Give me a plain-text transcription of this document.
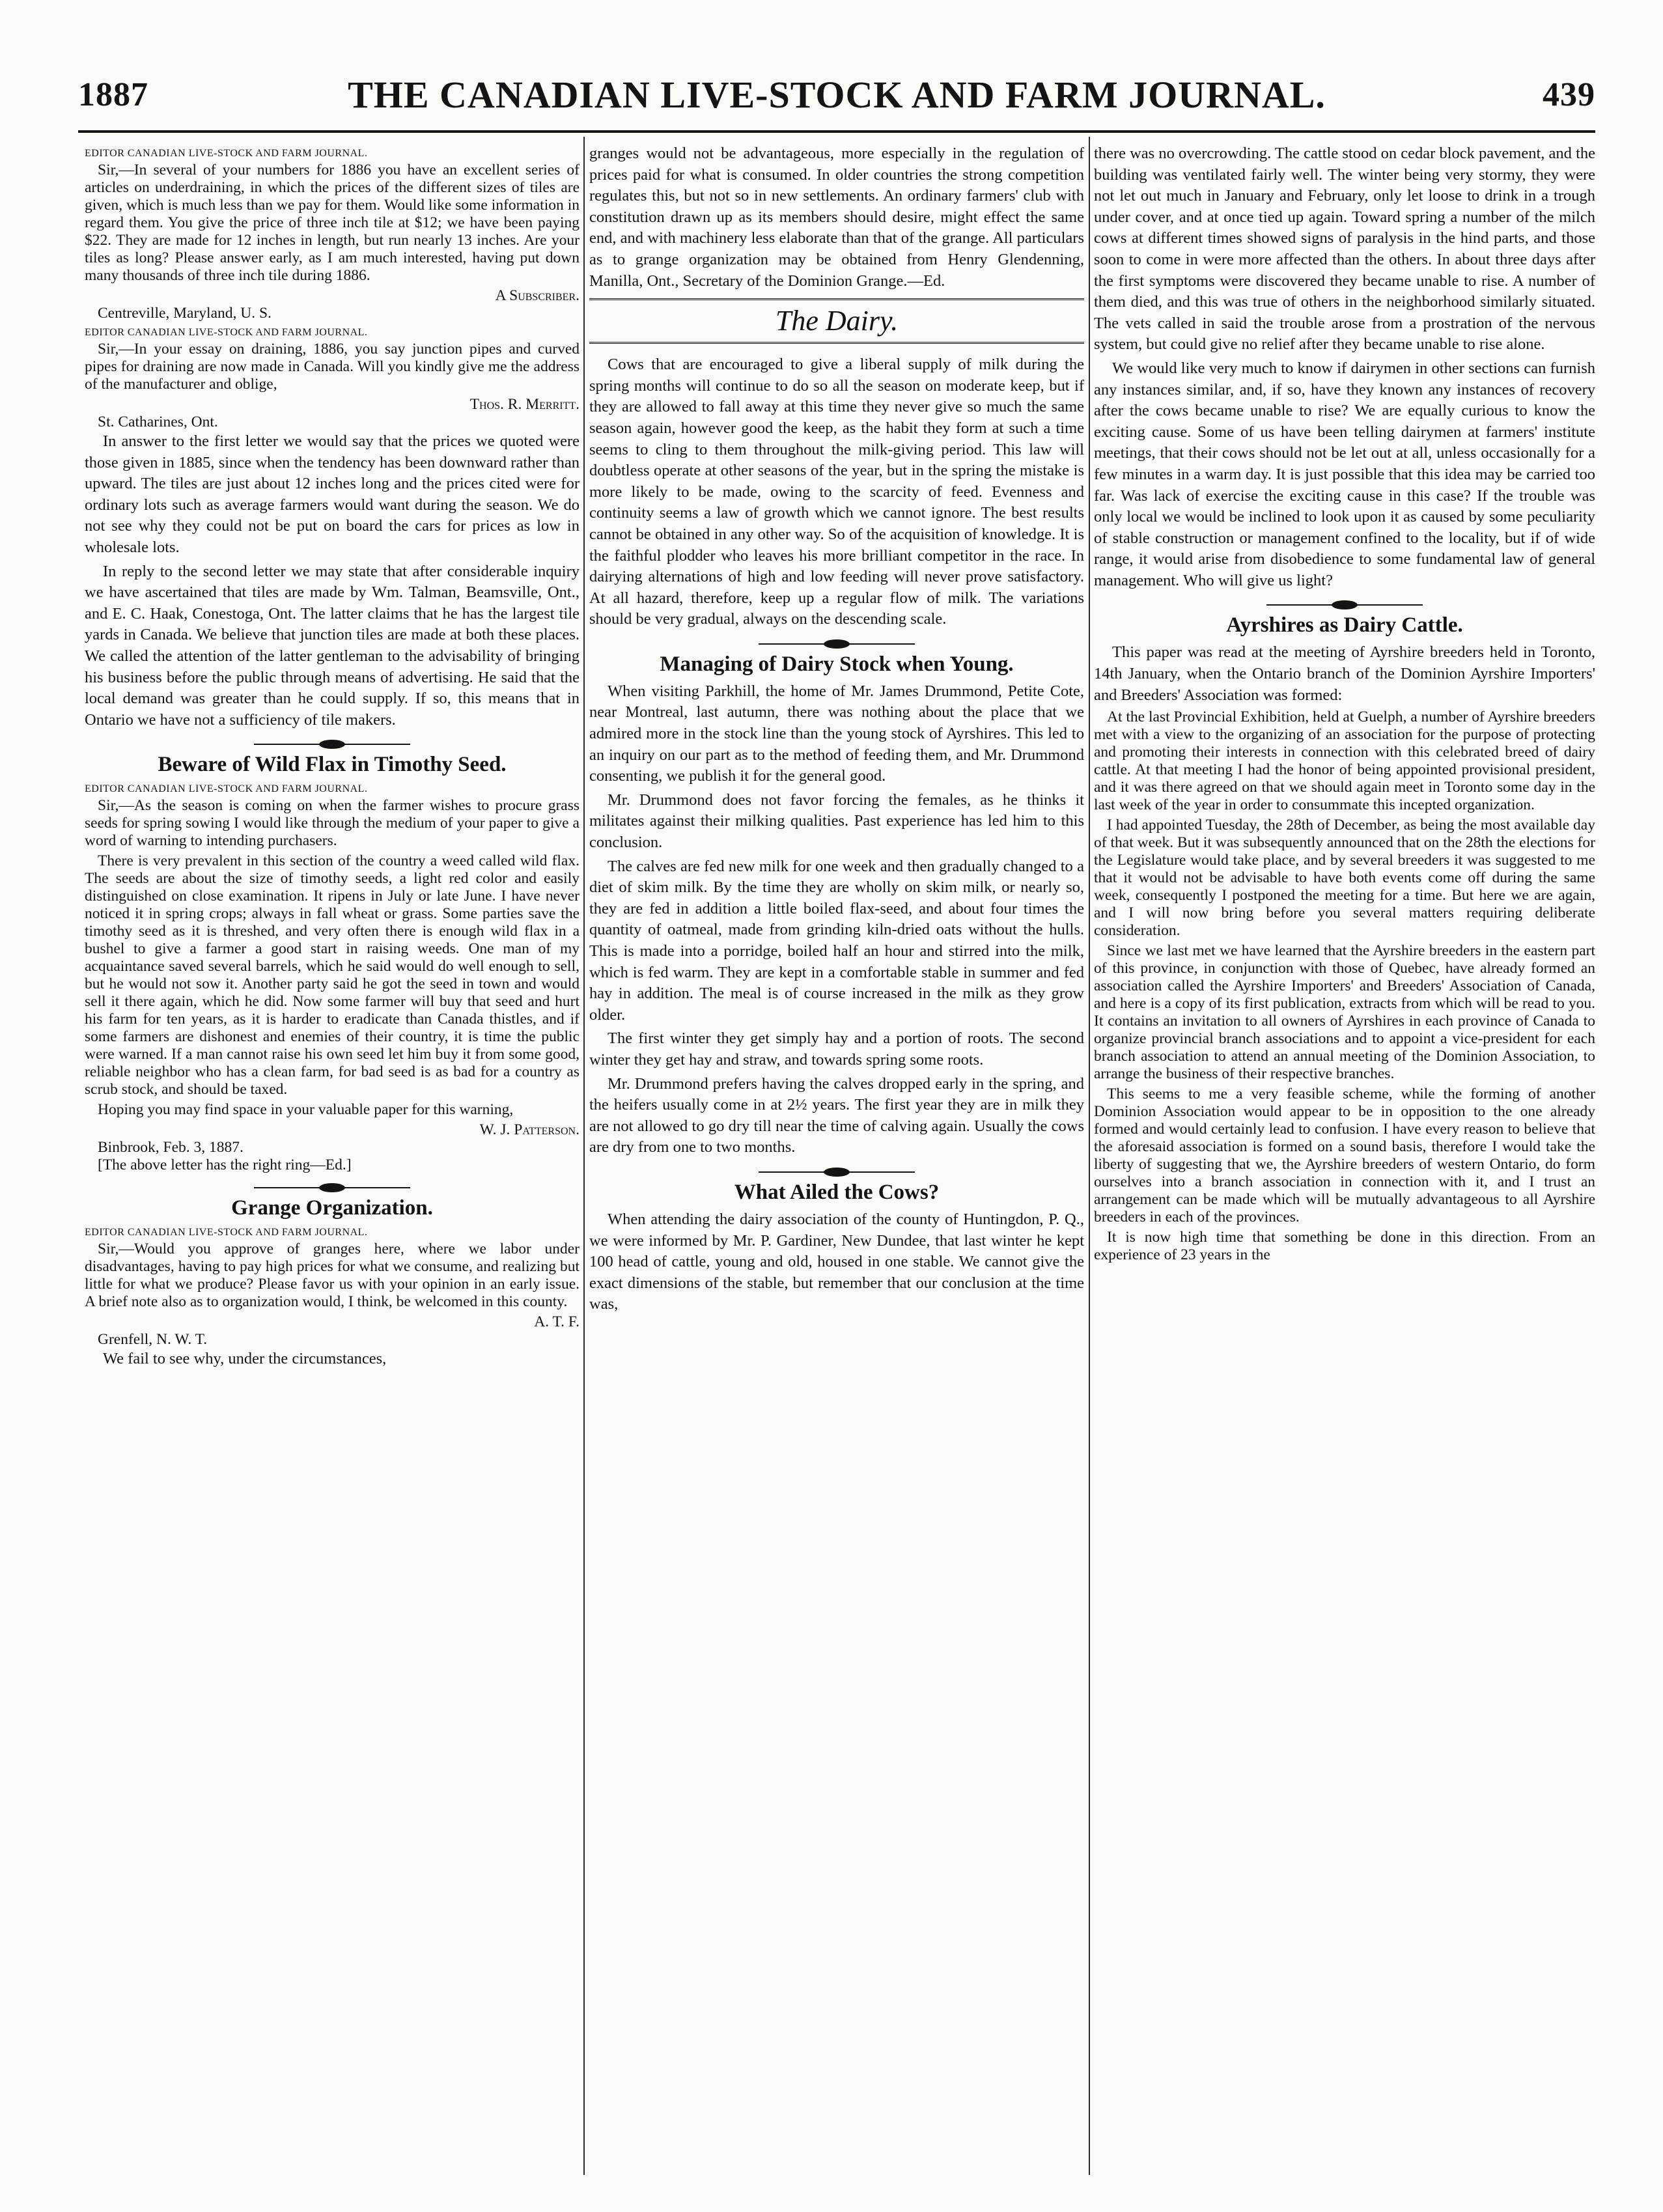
1887	THE CANADIAN LIVE-STOCK AND FARM JOURNAL.	439
EDITOR CANADIAN LIVE-STOCK AND FARM JOURNAL.

Sir,—In several of your numbers for 1886 you have an excellent series of articles on underdraining, in which the prices of the different sizes of tiles are given, which is much less than we pay for them. Would like some information in regard them. You give the price of three inch tile at $12; we have been paying $22. They are made for 12 inches in length, but run nearly 13 inches. Are your tiles as long? Please answer early, as I am much interested, having put down many thousands of three inch tile during 1886.

A Subscriber.
Centreville, Maryland, U. S.
EDITOR CANADIAN LIVE-STOCK AND FARM JOURNAL.

Sir,—In your essay on draining, 1886, you say junction pipes and curved pipes for draining are now made in Canada. Will you kindly give me the address of the manufacturer and oblige,

Thos. R. Merritt.
St. Catharines, Ont.

In answer to the first letter we would say that the prices we quoted were those given in 1885, since when the tendency has been downward rather than upward. The tiles are just about 12 inches long and the prices cited were for ordinary lots such as average farmers would want during the season. We do not see why they could not be put on board the cars for prices as low in wholesale lots.

In reply to the second letter we may state that after considerable inquiry we have ascertained that tiles are made by Wm. Talman, Beamsville, Ont., and E. C. Haak, Conestoga, Ont. The latter claims that he has the largest tile yards in Canada. We believe that junction tiles are made at both these places. We called the attention of the latter gentleman to the advisability of bringing his business before the public through means of advertising. He said that the local demand was greater than he could supply. If so, this means that in Ontario we have not a sufficiency of tile makers.

Beware of Wild Flax in Timothy Seed.
EDITOR CANADIAN LIVE-STOCK AND FARM JOURNAL.

Sir,—As the season is coming on when the farmer wishes to procure grass seeds for spring sowing I would like through the medium of your paper to give a word of warning to intending purchasers.

There is very prevalent in this section of the country a weed called wild flax. The seeds are about the size of timothy seeds, a light red color and easily distinguished on close examination. It ripens in July or late June. I have never noticed it in spring crops; always in fall wheat or grass. Some parties save the timothy seed as it is threshed, and very often there is enough wild flax in a bushel to give a farmer a good start in raising weeds. One man of my acquaintance saved several barrels, which he said would do well enough to sell, but he would not sow it. Another party said he got the seed in town and would sell it there again, which he did. Now some farmer will buy that seed and hurt his farm for ten years, as it is harder to eradicate than Canada thistles, and if some farmers are dishonest and enemies of their country, it is time the public were warned. If a man cannot raise his own seed let him buy it from some good, reliable neighbor who has a clean farm, for bad seed is as bad for a country as scrub stock, and should be taxed.

Hoping you may find space in your valuable paper for this warning,

W. J. Patterson.
Binbrook, Feb. 3, 1887.
[The above letter has the right ring—Ed.]
Grange Organization.
EDITOR CANADIAN LIVE-STOCK AND FARM JOURNAL.

Sir,—Would you approve of granges here, where we labor under disadvantages, having to pay high prices for what we consume, and realizing but little for what we produce? Please favor us with your opinion in an early issue. A brief note also as to organization would, I think, be welcomed in this county.

A. T. F.
Grenfell, N. W. T.

We fail to see why, under the circumstances,

granges would not be advantageous, more especially in the regulation of prices paid for what is consumed. In older countries the strong competition regulates this, but not so in new settlements. An ordinary farmers' club with constitution drawn up as its members should desire, might effect the same end, and with machinery less elaborate than that of the grange. All particulars as to grange organization may be obtained from Henry Glendenning, Manilla, Ont., Secretary of the Dominion Grange.—Ed.

The Dairy.

Cows that are encouraged to give a liberal supply of milk during the spring months will continue to do so all the season on moderate keep, but if they are allowed to fall away at this time they never give so much the same season again, however good the keep, as the habit they form at such a time seems to cling to them throughout the milk-giving period. This law will doubtless operate at other seasons of the year, but in the spring the mistake is more likely to be made, owing to the scarcity of feed. Evenness and continuity seems a law of growth which we cannot ignore. The best results cannot be obtained in any other way. So of the acquisition of knowledge. It is the faithful plodder who leaves his more brilliant competitor in the race. In dairying alternations of high and low feeding will never prove satisfactory. At all hazard, therefore, keep up a regular flow of milk. The variations should be very gradual, always on the descending scale.

Managing of Dairy Stock when Young.

When visiting Parkhill, the home of Mr. James Drummond, Petite Cote, near Montreal, last autumn, there was nothing about the place that we admired more in the stock line than the young stock of Ayrshires. This led to an inquiry on our part as to the method of feeding them, and Mr. Drummond consenting, we publish it for the general good.

Mr. Drummond does not favor forcing the females, as he thinks it militates against their milking qualities. Past experience has led him to this conclusion.

The calves are fed new milk for one week and then gradually changed to a diet of skim milk. By the time they are wholly on skim milk, or nearly so, they are fed in addition a little boiled flax-seed, and about four times the quantity of oatmeal, made from grinding kiln-dried oats without the hulls. This is made into a porridge, boiled half an hour and stirred into the milk, which is fed warm. They are kept in a comfortable stable in summer and fed hay in addition. The meal is of course increased in the milk as they grow older.

The first winter they get simply hay and a portion of roots. The second winter they get hay and straw, and towards spring some roots.

Mr. Drummond prefers having the calves dropped early in the spring, and the heifers usually come in at 2½ years. The first year they are in milk they are not allowed to go dry till near the time of calving again. Usually the cows are dry from one to two months.

What Ailed the Cows?

When attending the dairy association of the county of Huntingdon, P. Q., we were informed by Mr. P. Gardiner, New Dundee, that last winter he kept 100 head of cattle, young and old, housed in one stable. We cannot give the exact dimensions of the stable, but remember that our conclusion at the time was,

there was no overcrowding. The cattle stood on cedar block pavement, and the building was ventilated fairly well. The winter being very stormy, they were not let out much in January and February, only let loose to drink in a trough under cover, and at once tied up again. Toward spring a number of the milch cows at different times showed signs of paralysis in the hind parts, and those soon to come in were more affected than the others. In about three days after the first symptoms were discovered they became unable to rise. A number of them died, and this was true of others in the neighborhood similarly situated. The vets called in said the trouble arose from a prostration of the nervous system, but could give no relief after they became unable to rise alone.

We would like very much to know if dairymen in other sections can furnish any instances similar, and, if so, have they known any instances of recovery after the cows became unable to rise? We are equally curious to know the exciting cause. Some of us have been telling dairymen at farmers' institute meetings, that their cows should not be let out at all, unless occasionally for a few minutes in a warm day. It is just possible that this idea may be carried too far. Was lack of exercise the exciting cause in this case? If the trouble was only local we would be inclined to look upon it as caused by some peculiarity of stable construction or management confined to the locality, but if of wide range, it would arise from disobedience to some fundamental law of general management. Who will give us light?

Ayrshires as Dairy Cattle.

This paper was read at the meeting of Ayrshire breeders held in Toronto, 14th January, when the Ontario branch of the Dominion Ayrshire Importers' and Breeders' Association was formed:

At the last Provincial Exhibition, held at Guelph, a number of Ayrshire breeders met with a view to the organizing of an association for the purpose of protecting and promoting their interests in connection with this celebrated breed of dairy cattle. At that meeting I had the honor of being appointed provisional president, and it was there agreed on that we should again meet in Toronto some day in the last week of the year in order to consummate this incepted organization.

I had appointed Tuesday, the 28th of December, as being the most available day of that week. But it was subsequently announced that on the 28th the elections for the Legislature would take place, and by several breeders it was suggested to me that it would not be advisable to have both events come off during the same week, consequently I postponed the meeting for a time. But here we are again, and I will now bring before you several matters requiring deliberate consideration.

Since we last met we have learned that the Ayrshire breeders in the eastern part of this province, in conjunction with those of Quebec, have already formed an association called the Ayrshire Importers' and Breeders' Association of Canada, and here is a copy of its first publication, extracts from which will be read to you. It contains an invitation to all owners of Ayrshires in each province of Canada to organize provincial branch associations and to appoint a vice-president for each branch association to attend an annual meeting of the Dominion Association, to arrange the business of their respective branches.

This seems to me a very feasible scheme, while the forming of another Dominion Association would appear to be in opposition to the one already formed and would certainly lead to confusion. I have every reason to believe that the aforesaid association is formed on a sound basis, therefore I would take the liberty of suggesting that we, the Ayrshire breeders of western Ontario, do form ourselves into a branch association in connection with it, and I trust an arrangement can be made which will be mutually advantageous to all Ayrshire breeders in each of the provinces.

It is now high time that something be done in this direction. From an experience of 23 years in the
